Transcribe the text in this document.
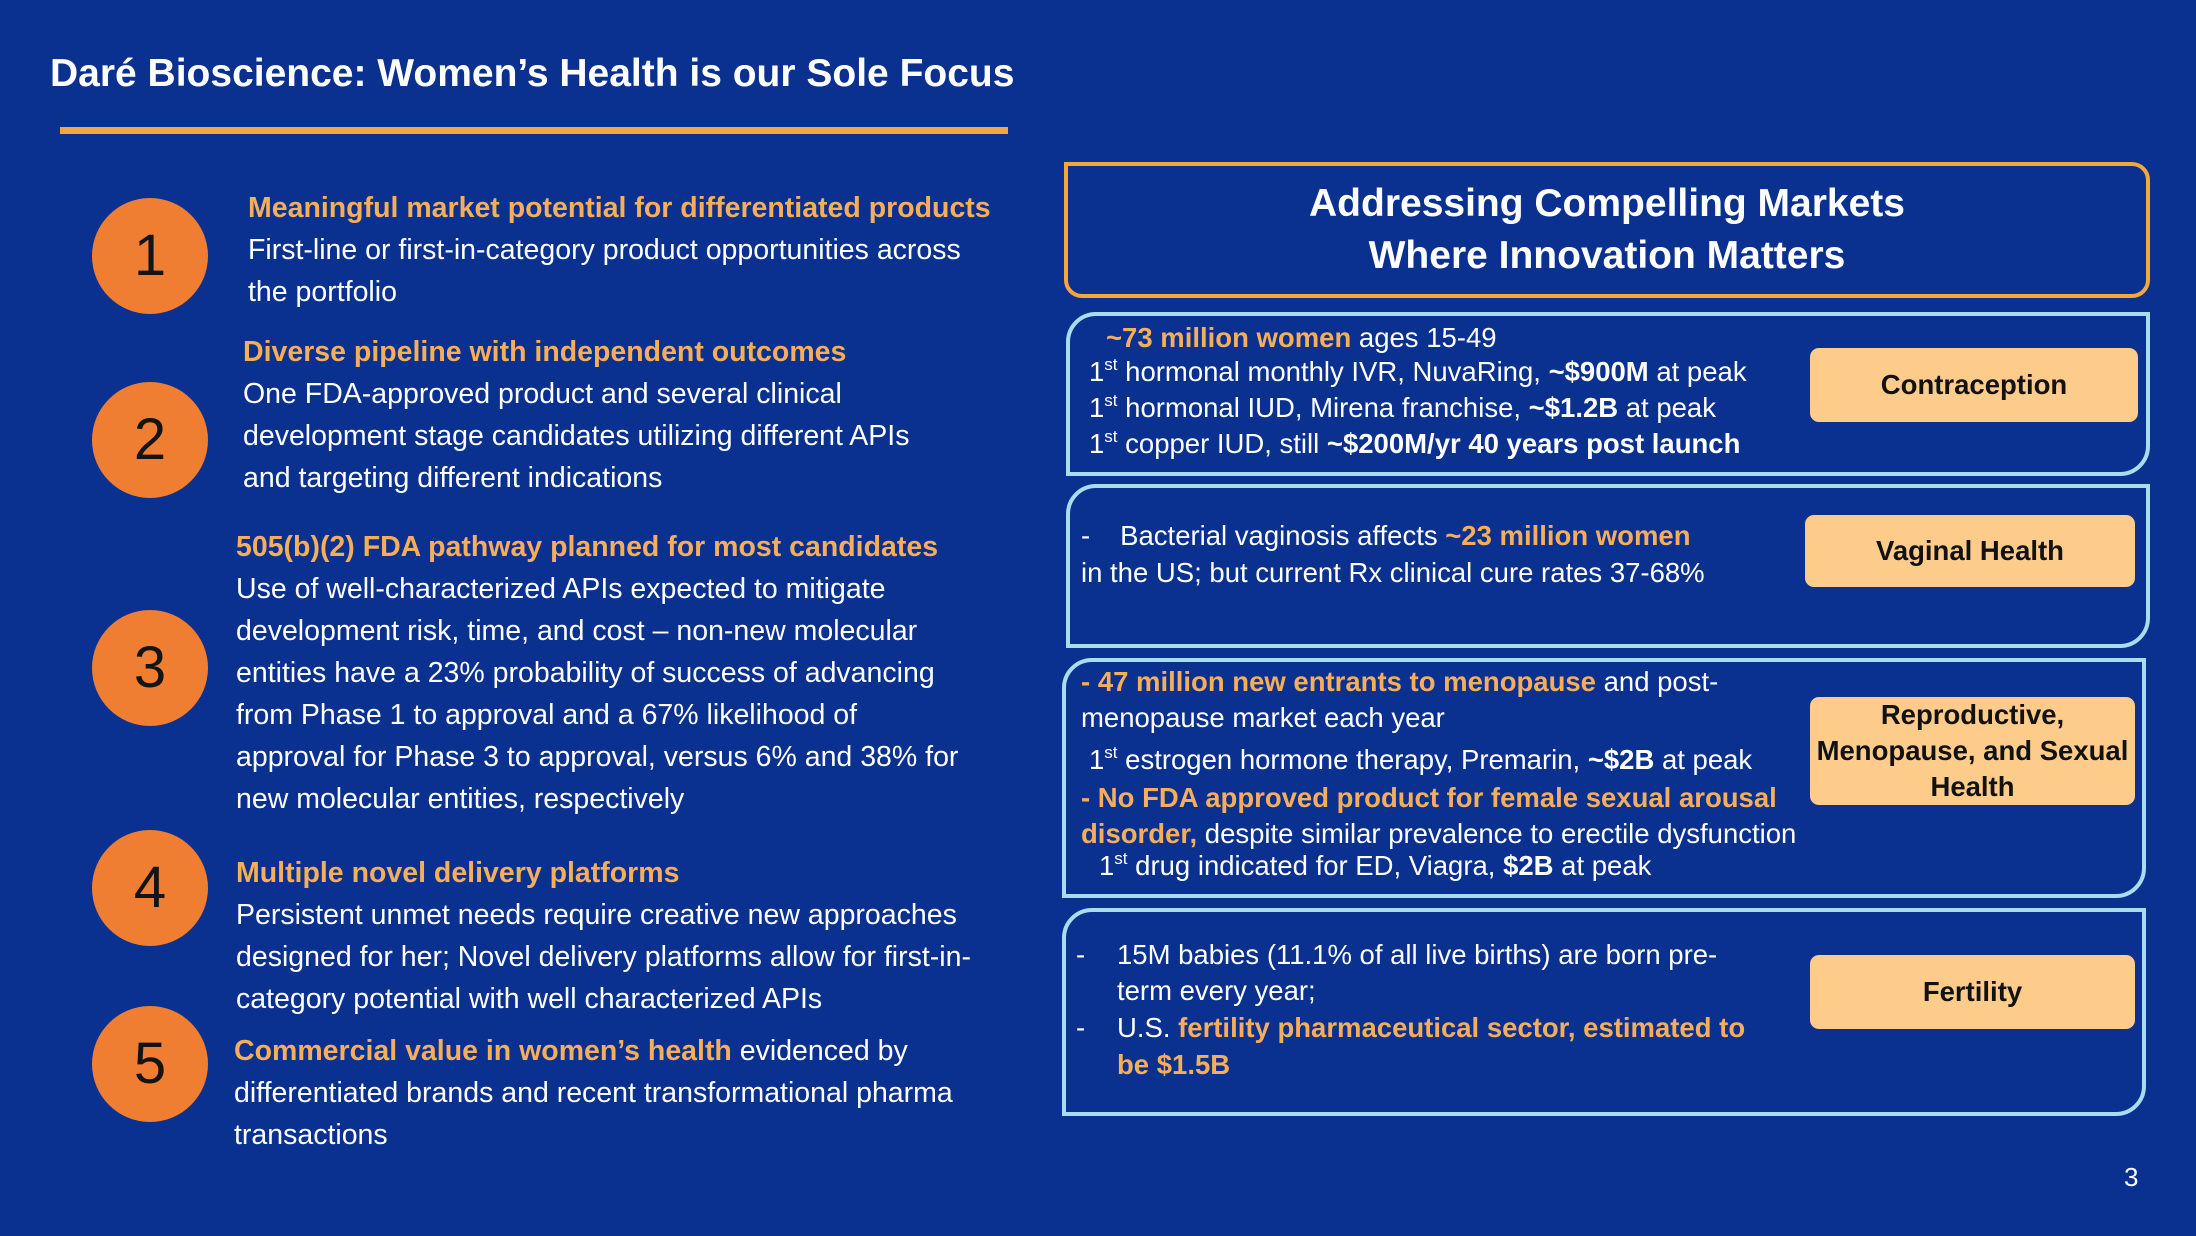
Daré Bioscience: Women’s Health is our Sole Focus
1
Meaningful market potential for differentiated products
First-line or first-in-category product opportunities across
the portfolio
2
Diverse pipeline with independent outcomes
One FDA-approved product and several clinical
development stage candidates utilizing different APIs
and targeting different indications
3
505(b)(2) FDA pathway planned for most candidates
Use of well-characterized APIs expected to mitigate
development risk, time, and cost – non-new molecular
entities have a 23% probability of success of advancing
from Phase 1 to approval and a 67% likelihood of
approval for Phase 3 to approval, versus 6% and 38% for
new molecular entities, respectively
4	Multiple novel delivery platforms
Persistent unmet needs require creative new approaches
designed for her; Novel delivery platforms allow for first-in-
category potential with well characterized APIs
5	Commercial value in women’s health evidenced by
differentiated brands and recent transformational pharma
transactions
Addressing Compelling Markets
Where Innovation Matters
~73 million women ages 15-49
1st hormonal monthly IVR, NuvaRing, ~$900M at peak
1st hormonal IUD, Mirena franchise, ~$1.2B at peak
1st copper IUD, still ~$200M/yr 40 years post launch
Contraception
- Bacterial vaginosis affects ~23 million women
in the US; but current Rx clinical cure rates 37-68%
Vaginal Health
- 47 million new entrants to menopause and post-
menopause market each year
1st estrogen hormone therapy, Premarin, ~$2B at peak
- No FDA approved product for female sexual arousal
disorder, despite similar prevalence to erectile dysfunction
1st drug indicated for ED, Viagra, $2B at peak
Reproductive, Menopause, and Sexual Health
- 15M babies (11.1% of all live births) are born pre-
term every year;
- U.S. fertility pharmaceutical sector, estimated to
be $1.5B
Fertility
3
